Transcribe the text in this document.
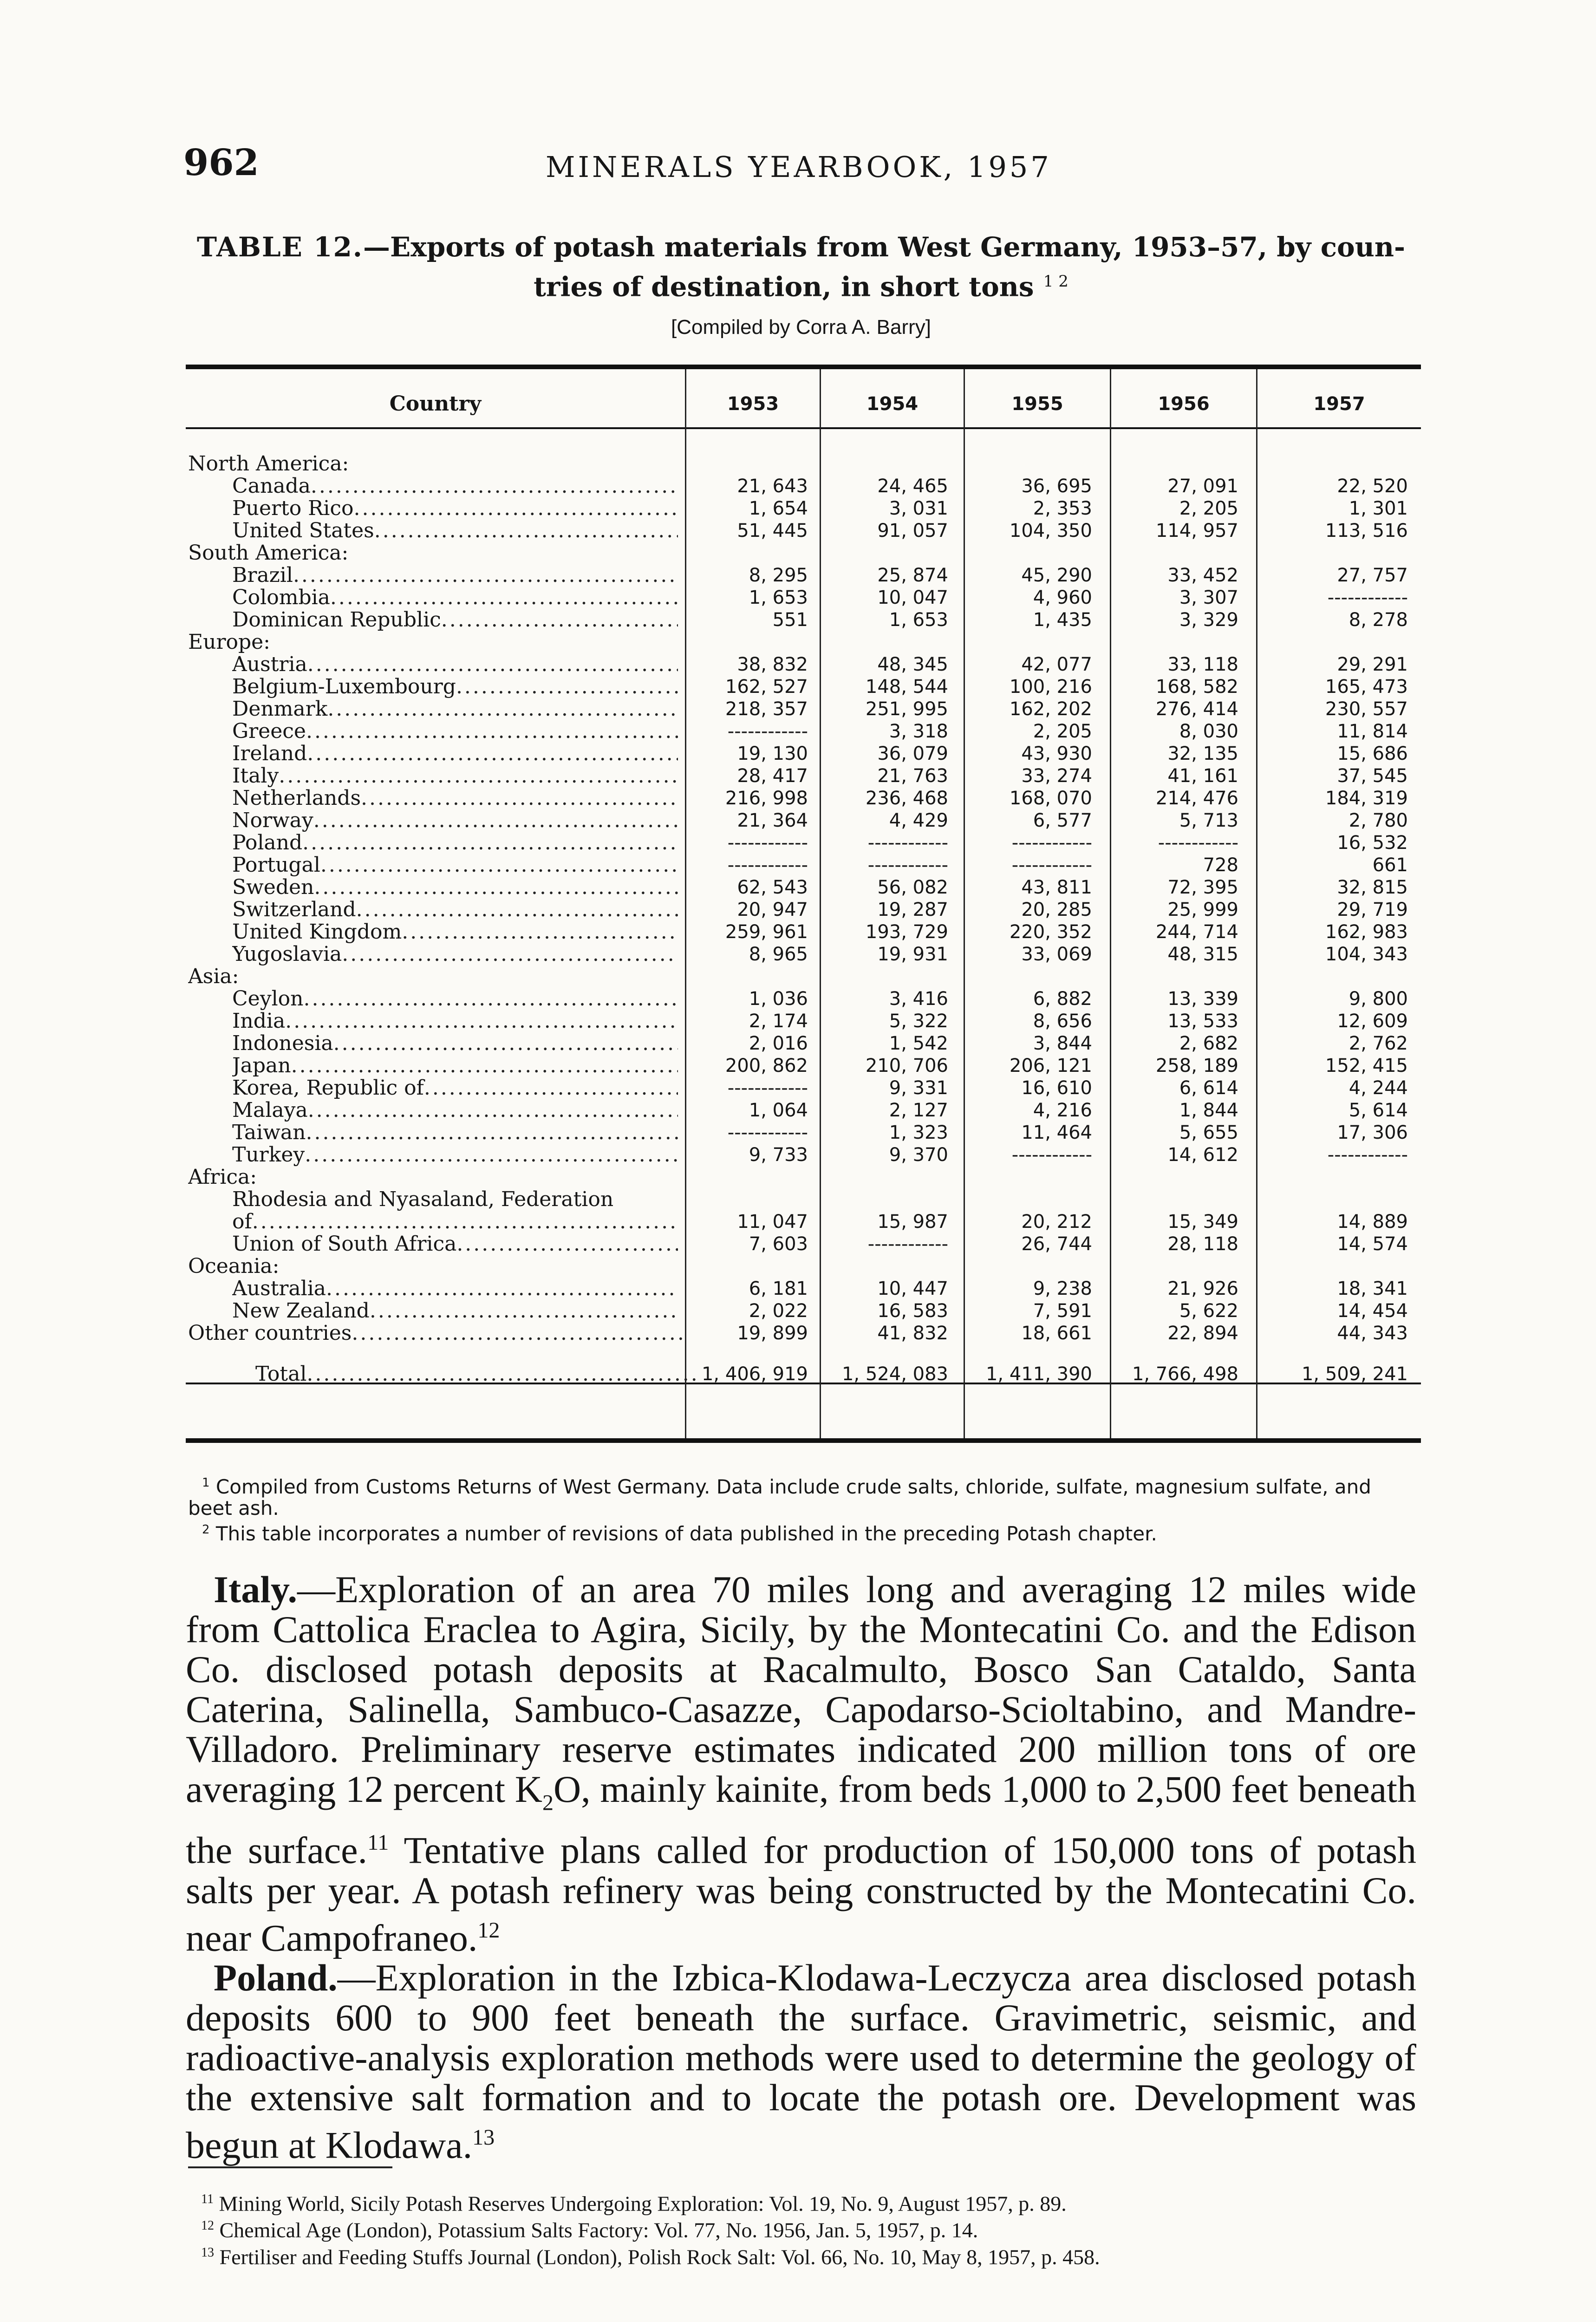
962	MINERALS YEARBOOK, 1957
TABLE 12.—Exports of potash materials from West Germany, 1953–57, by coun-
tries of destination, in short tons $^{1 2}$
[Compiled by Corra A. Barry]
Country	1953	1954	1955	1956	1957
North America:
Canada .....	21, 643	24, 465	36, 695	27, 091	22, 520
Puerto Rico .....	1, 654	3, 031	2, 353	2, 205	1, 301
United States .....	51, 445	91, 057	104, 350	114, 957	113, 516
South America:
Brazil .....	8, 295	25, 874	45, 290	33, 452	27, 757
Colombia .....	1, 653	10, 047	4, 960	3, 307	------------
Dominican Republic .....	551	1, 653	1, 435	3, 329	8, 278
Europe:
Austria .....	38, 832	48, 345	42, 077	33, 118	29, 291
Belgium-Luxembourg .....	162, 527	148, 544	100, 216	168, 582	165, 473
Denmark .....	218, 357	251, 995	162, 202	276, 414	230, 557
Greece .....	------------	3, 318	2, 205	8, 030	11, 814
Ireland .....	19, 130	36, 079	43, 930	32, 135	15, 686
Italy .....	28, 417	21, 763	33, 274	41, 161	37, 545
Netherlands .....	216, 998	236, 468	168, 070	214, 476	184, 319
Norway .....	21, 364	4, 429	6, 577	5, 713	2, 780
Poland .....	------------	------------	------------	------------	16, 532
Portugal .....	------------	------------	------------	728	661
Sweden .....	62, 543	56, 082	43, 811	72, 395	32, 815
Switzerland .....	20, 947	19, 287	20, 285	25, 999	29, 719
United Kingdom .....	259, 961	193, 729	220, 352	244, 714	162, 983
Yugoslavia .....	8, 965	19, 931	33, 069	48, 315	104, 343
Asia:
Ceylon .....	1, 036	3, 416	6, 882	13, 339	9, 800
India .....	2, 174	5, 322	8, 656	13, 533	12, 609
Indonesia .....	2, 016	1, 542	3, 844	2, 682	2, 762
Japan .....	200, 862	210, 706	206, 121	258, 189	152, 415
Korea, Republic of .....	------------	9, 331	16, 610	6, 614	4, 244
Malaya .....	1, 064	2, 127	4, 216	1, 844	5, 614
Taiwan .....	------------	1, 323	11, 464	5, 655	17, 306
Turkey .....	9, 733	9, 370	------------	14, 612	------------
Africa:
Rhodesia and Nyasaland, Federation
of .....	11, 047	15, 987	20, 212	15, 349	14, 889
Union of South Africa .....	7, 603	------------	26, 744	28, 118	14, 574
Oceania:
Australia .....	6, 181	10, 447	9, 238	21, 926	18, 341
New Zealand .....	2, 022	16, 583	7, 591	5, 622	14, 454
Other countries .....	19, 899	41, 832	18, 661	22, 894	44, 343
Total .....	1, 406, 919	1, 524, 083	1, 411, 390	1, 766, 498	1, 509, 241

$^1$ Compiled from Customs Returns of West Germany. Data include crude salts, chloride, sulfate, magnesium sulfate, and beet ash.

$^2$ This table incorporates a number of revisions of data published in the preceding Potash chapter.

Italy.—Exploration of an area 70 miles long and averaging 12 miles wide from Cattolica Eraclea to Agira, Sicily, by the Montecatini Co. and the Edison Co. disclosed potash deposits at Racalmulto, Bosco San Cataldo, Santa Caterina, Salinella, Sambuco-Casazze, Capodarso-Scioltabino, and Mandre-Villadoro. Preliminary reserve estimates indicated 200 million tons of ore averaging 12 percent $K_2O$, mainly kainite, from beds 1,000 to 2,500 feet beneath the surface.$^{11}$ Tentative plans called for production of 150,000 tons of potash salts per year. A potash refinery was being constructed by the Montecatini Co. near Campofraneo.$^{12}$

Poland.—Exploration in the Izbica-Klodawa-Leczycza area disclosed potash deposits 600 to 900 feet beneath the surface. Gravimetric, seismic, and radioactive-analysis exploration methods were used to determine the geology of the extensive salt formation and to locate the potash ore. Development was begun at Klodawa.$^{13}$

$^{11}$ Mining World, Sicily Potash Reserves Undergoing Exploration: Vol. 19, No. 9, August 1957, p. 89.

$^{12}$ Chemical Age (London), Potassium Salts Factory: Vol. 77, No. 1956, Jan. 5, 1957, p. 14.

$^{13}$ Fertiliser and Feeding Stuffs Journal (London), Polish Rock Salt: Vol. 66, No. 10, May 8, 1957, p. 458.
